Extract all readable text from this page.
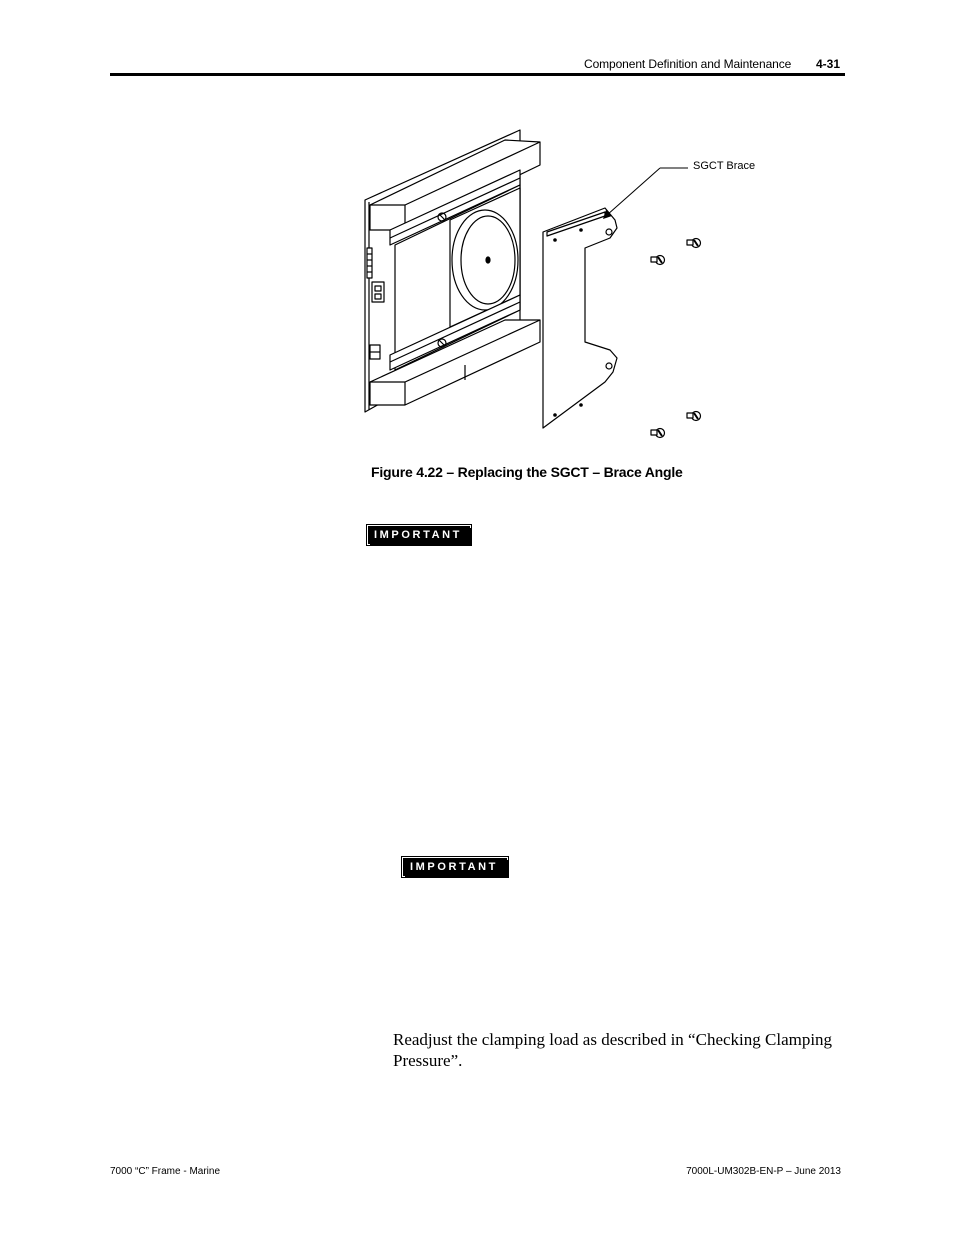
Component Definition and Maintenance 4-31
SGCT Brace
Figure 4.22 – Replacing the SGCT – Brace Angle
IMPORTANT
IMPORTANT
Readjust the clamping load as described in “Checking Clamping Pressure”.
7000 “C” Frame - Marine	7000L-UM302B-EN-P – June 2013
